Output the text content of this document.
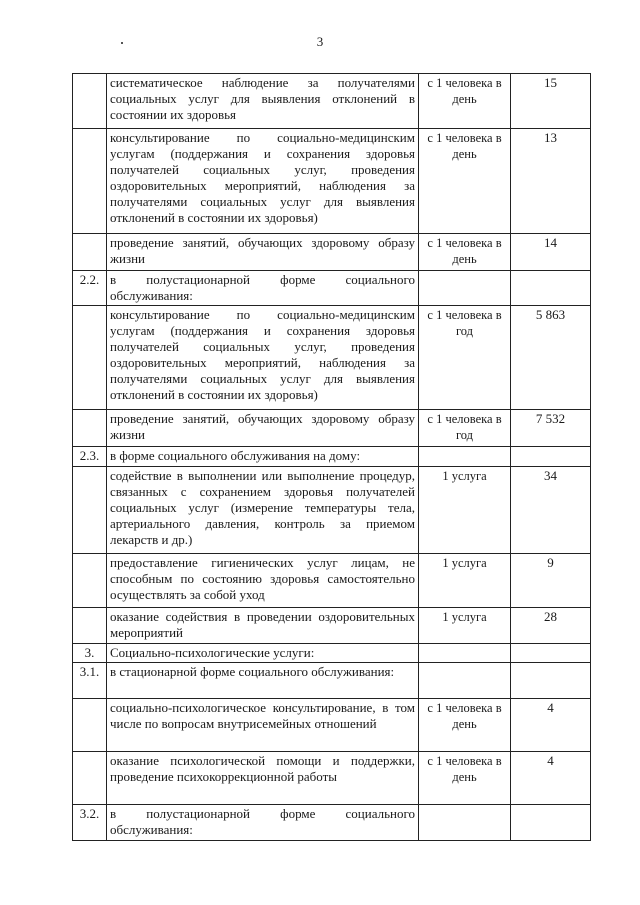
3
	систематическое наблюдение за получателями социальных услуг для выявления отклонений в состоянии их здоровья	с 1 человека в день	15
	консультирование по социально-медицинским услугам (поддержания и сохранения здоровья получателей социальных услуг, проведения оздоровительных мероприятий, наблюдения за получателями социальных услуг для выявления отклонений в состоянии их здоровья)	с 1 человека в день	13
	проведение занятий, обучающих здоровому образу жизни	с 1 человека в день	14
2.2.	в полустационарной форме социального обслуживания:		
	консультирование по социально-медицинским услугам (поддержания и сохранения здоровья получателей социальных услуг, проведения оздоровительных мероприятий, наблюдения за получателями социальных услуг для выявления отклонений в состоянии их здоровья)	с 1 человека в год	5 863
	проведение занятий, обучающих здоровому образу жизни	с 1 человека в год	7 532
2.3.	в форме социального обслуживания на дому:		
	содействие в выполнении или выполнение процедур, связанных с сохранением здоровья получателей социальных услуг (измерение температуры тела, артериального давления, контроль за приемом лекарств и др.)	1 услуга	34
	предоставление гигиенических услуг лицам, не способным по состоянию здоровья самостоятельно осуществлять за собой уход	1 услуга	9
	оказание содействия в проведении оздоровительных мероприятий	1 услуга	28
3.	Социально-психологические услуги:		
3.1.	в стационарной форме социального обслуживания:		
	социально-психологическое консультирование, в том числе по вопросам внутрисемейных отношений	с 1 человека в день	4
	оказание психологической помощи и поддержки, проведение психокоррекционной работы	с 1 человека в день	4
3.2.	в полустационарной форме социального обслуживания:		
